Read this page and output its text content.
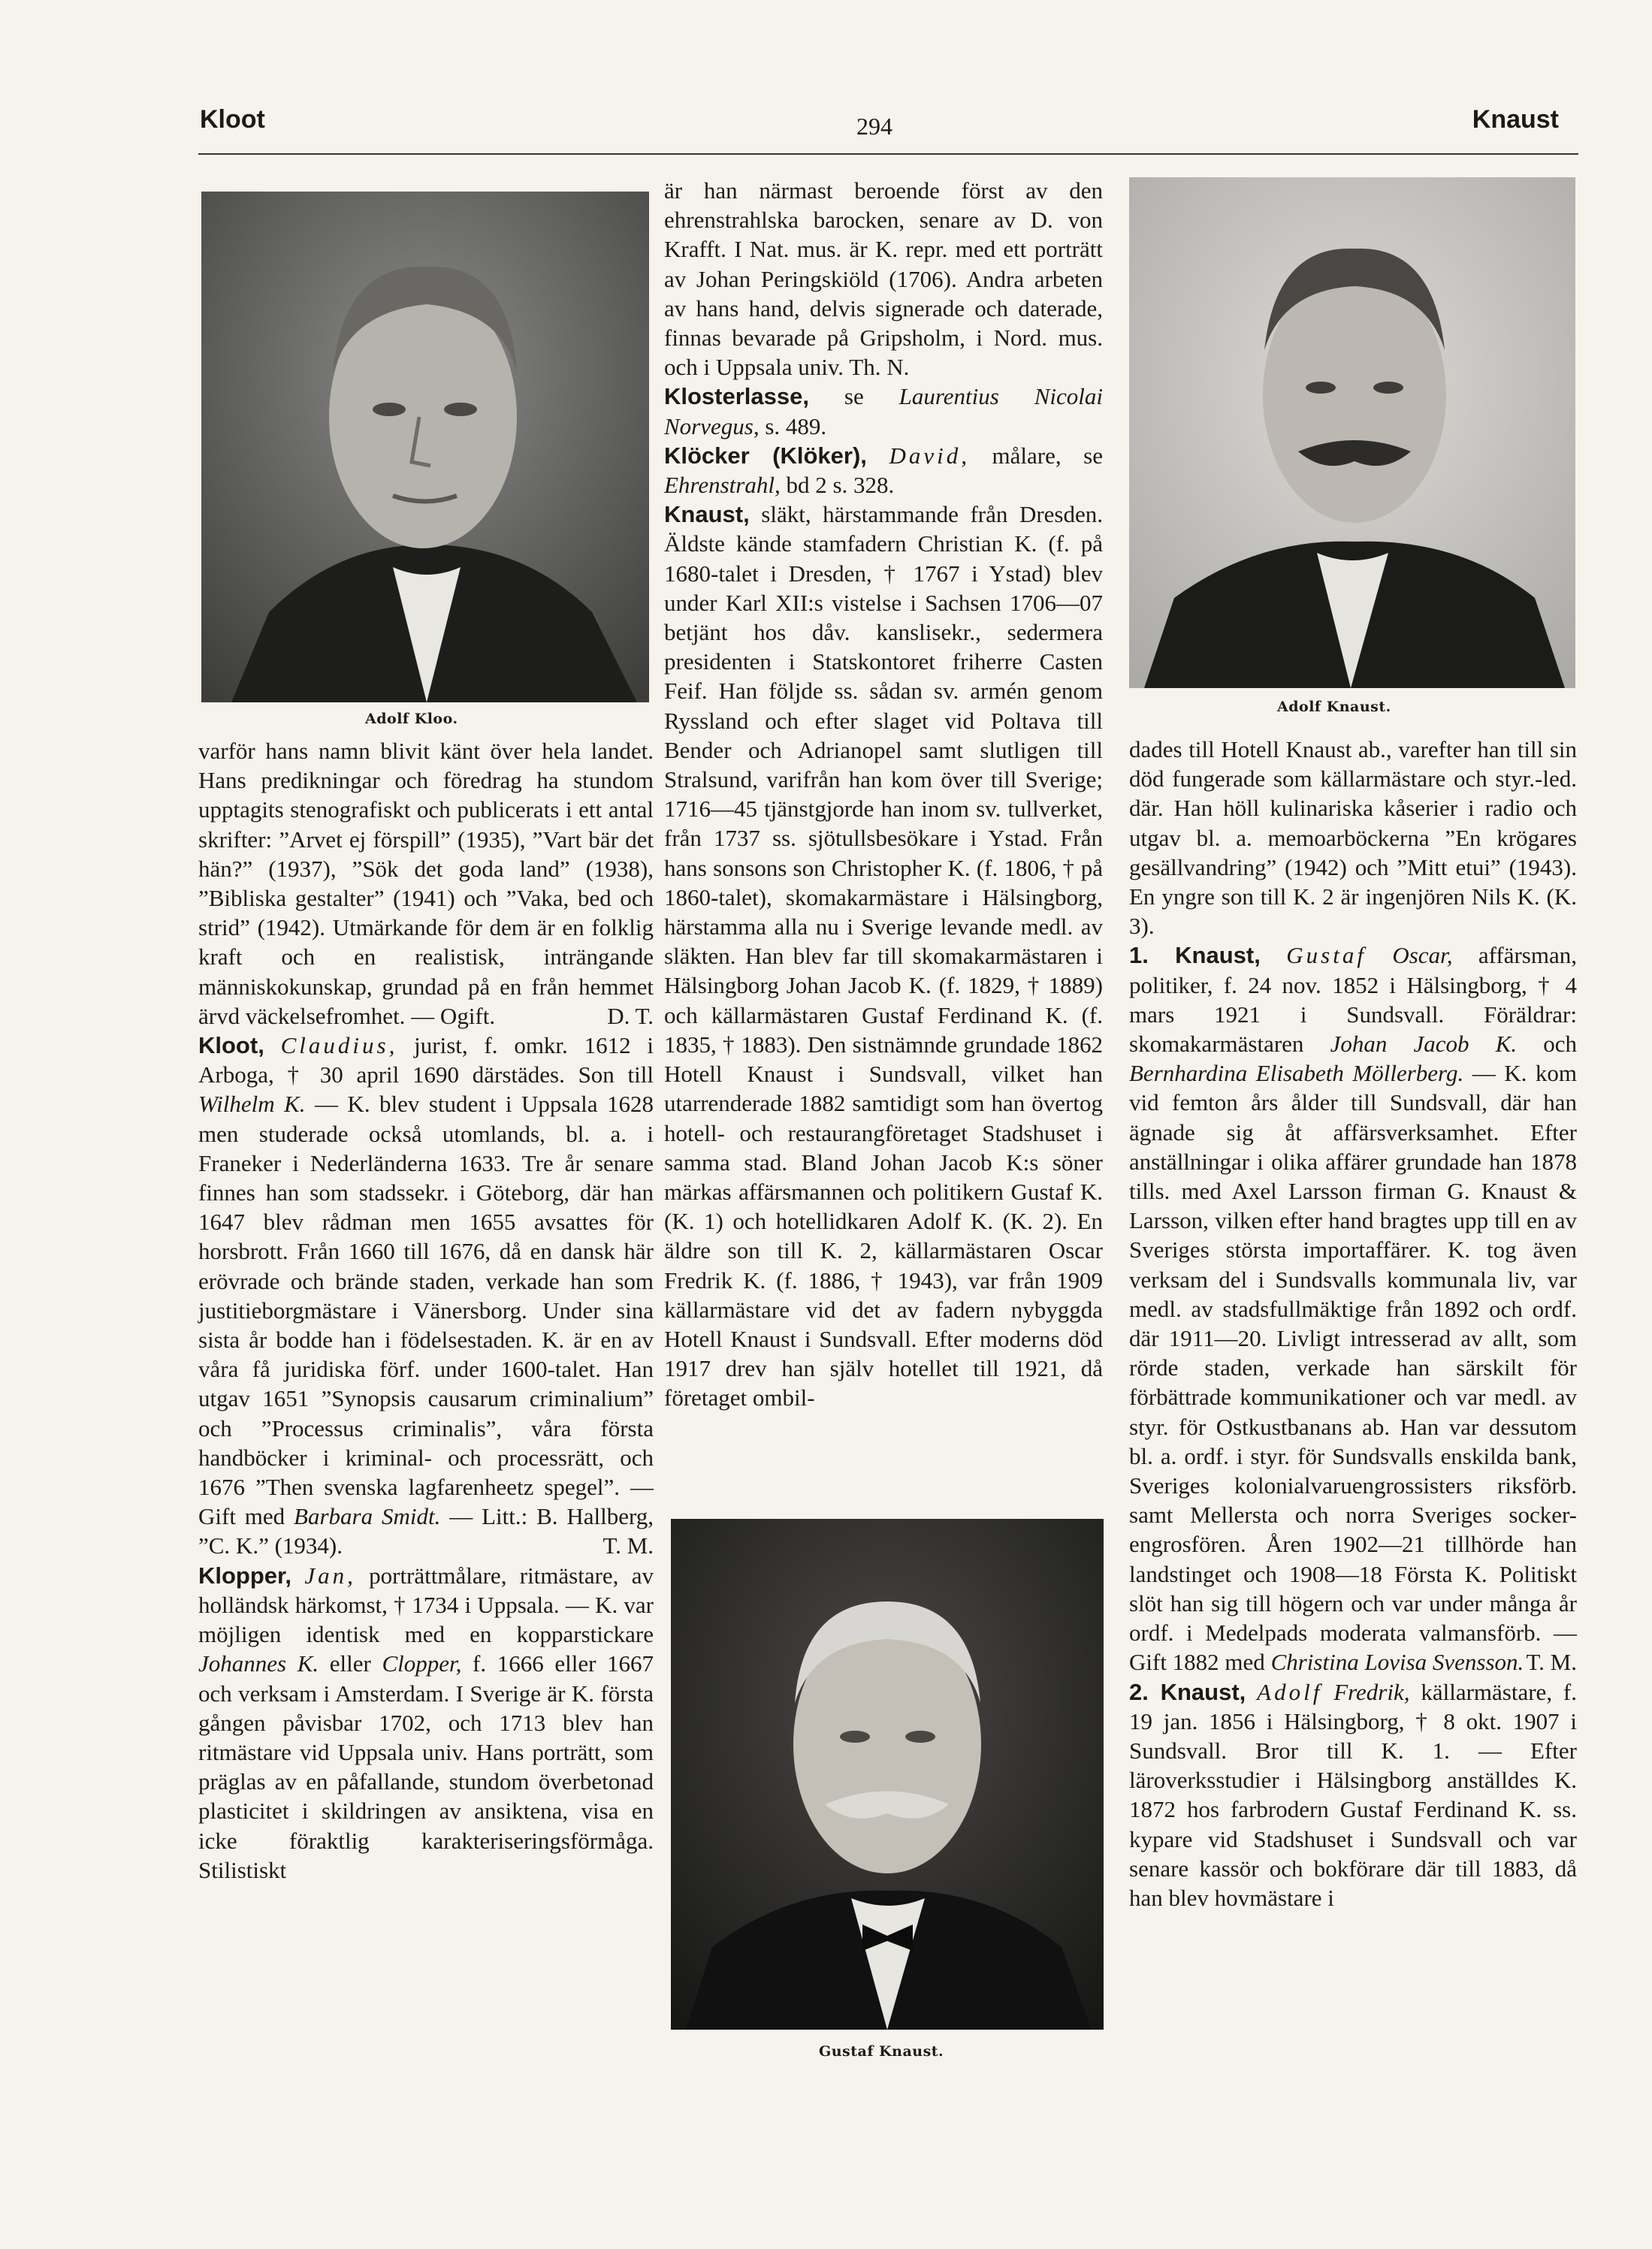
Kloot	294	Knaust
Adolf Kloo.
Adolf Knaust.
Gustaf Knaust.

varför hans namn blivit känt över hela landet. Hans predikningar och föredrag ha stundom upptagits stenografiskt och publicerats i ett antal skrifter: ”Arvet ej förspill” (1935), ”Vart bär det hän?” (1937), ”Sök det goda land” (1938), ”Bibliska gestalter” (1941) och ”Vaka, bed och strid” (1942). Utmärkande för dem är en folklig kraft och en realistisk, inträngande människokunskap, grundad på en från hemmet ärvd väckelsefromhet. — Ogift.	D. T.

Kloot, Claudius, jurist, f. omkr. 1612 i Arboga, † 30 april 1690 därstädes. Son till Wilhelm K. — K. blev student i Uppsala 1628 men studerade också utomlands, bl. a. i Franeker i Nederländerna 1633. Tre år senare finnes han som stadssekr. i Göteborg, där han 1647 blev rådman men 1655 avsattes för horsbrott. Från 1660 till 1676, då en dansk här erövrade och brände staden, verkade han som justitieborgmästare i Vänersborg. Under sina sista år bodde han i födelsestaden. K. är en av våra få juridiska förf. under 1600-talet. Han utgav 1651 ”Synopsis causarum criminalium” och ”Processus criminalis”, våra första handböcker i kriminal- och processrätt, och 1676 ”Then svenska lagfarenheetz spegel”. — Gift med Barbara Smidt. — Litt.: B. Hallberg, ”C. K.” (1934).	T. M.

Klopper, Jan, porträttmålare, ritmästare, av holländsk härkomst, † 1734 i Uppsala. — K. var möjligen identisk med en kopparstickare Johannes K. eller Clopper, f. 1666 eller 1667 och verksam i Amsterdam. I Sverige är K. första gången påvisbar 1702, och 1713 blev han ritmästare vid Uppsala univ. Hans porträtt, som präglas av en påfallande, stundom överbetonad plasticitet i skildringen av ansiktena, visa en icke föraktlig karakteriseringsförmåga. Stilistiskt

är han närmast beroende först av den ehrenstrahlska barocken, senare av D. von Krafft. I Nat. mus. är K. repr. med ett porträtt av Johan Peringskiöld (1706). Andra arbeten av hans hand, delvis signerade och daterade, finnas bevarade på Gripsholm, i Nord. mus. och i Uppsala univ. Th. N.

Klosterlasse, se Laurentius Nicolai Norvegus, s. 489.

Klöcker (Klöker), David, målare, se Ehrenstrahl, bd 2 s. 328.

Knaust, släkt, härstammande från Dresden. Äldste kände stamfadern Christian K. (f. på 1680-talet i Dresden, † 1767 i Ystad) blev under Karl XII:s vistelse i Sachsen 1706—07 betjänt hos dåv. kanslisekr., sedermera presidenten i Statskontoret friherre Casten Feif. Han följde ss. sådan sv. armén genom Ryssland och efter slaget vid Poltava till Bender och Adrianopel samt slutligen till Stralsund, varifrån han kom över till Sverige; 1716—45 tjänstgjorde han inom sv. tullverket, från 1737 ss. sjötullsbesökare i Ystad. Från hans sonsons son Christopher K. (f. 1806, † på 1860-talet), skomakarmästare i Hälsingborg, härstamma alla nu i Sverige levande medl. av släkten. Han blev far till skomakarmästaren i Hälsingborg Johan Jacob K. (f. 1829, † 1889) och källarmästaren Gustaf Ferdinand K. (f. 1835, † 1883). Den sistnämnde grundade 1862 Hotell Knaust i Sundsvall, vilket han utarrenderade 1882 samtidigt som han övertog hotell- och restaurangföretaget Stadshuset i samma stad. Bland Johan Jacob K:s söner märkas affärsmannen och politikern Gustaf K. (K. 1) och hotellidkaren Adolf K. (K. 2). En äldre son till K. 2, källarmästaren Oscar Fredrik K. (f. 1886, † 1943), var från 1909 källarmästare vid det av fadern nybyggda Hotell Knaust i Sundsvall. Efter moderns död 1917 drev han själv hotellet till 1921, då företaget ombil-

dades till Hotell Knaust ab., varefter han till sin död fungerade som källarmästare och styr.-led. där. Han höll kulinariska kåserier i radio och utgav bl. a. memoarböckerna ”En krögares gesällvandring” (1942) och ”Mitt etui” (1943). En yngre son till K. 2 är ingenjören Nils K. (K. 3).

1. Knaust, Gustaf Oscar, affärsman, politiker, f. 24 nov. 1852 i Hälsingborg, † 4 mars 1921 i Sundsvall. Föräldrar: skomakarmästaren Johan Jacob K. och Bernhardina Elisabeth Möllerberg. — K. kom vid femton års ålder till Sundsvall, där han ägnade sig åt affärsverksamhet. Efter anställningar i olika affärer grundade han 1878 tills. med Axel Larsson firman G. Knaust & Larsson, vilken efter hand bragtes upp till en av Sveriges största importaffärer. K. tog även verksam del i Sundsvalls kommunala liv, var medl. av stadsfullmäktige från 1892 och ordf. där 1911—20. Livligt intresserad av allt, som rörde staden, verkade han särskilt för förbättrade kommunikationer och var medl. av styr. för Ostkustbanans ab. Han var dessutom bl. a. ordf. i styr. för Sundsvalls enskilda bank, Sveriges kolonialvaruengrossisters riksförb. samt Mellersta och norra Sveriges socker-engrosfören. Åren 1902—21 tillhörde han landstinget och 1908—18 Första K. Politiskt slöt han sig till högern och var under många år ordf. i Medelpads moderata valmansförb. — Gift 1882 med Christina Lovisa Svensson. T. M.

2. Knaust, Adolf Fredrik, källarmästare, f. 19 jan. 1856 i Hälsingborg, † 8 okt. 1907 i Sundsvall. Bror till K. 1. — Efter läroverksstudier i Hälsingborg anställdes K. 1872 hos farbrodern Gustaf Ferdinand K. ss. kypare vid Stadshuset i Sundsvall och var senare kassör och bokförare där till 1883, då han blev hovmästare i
